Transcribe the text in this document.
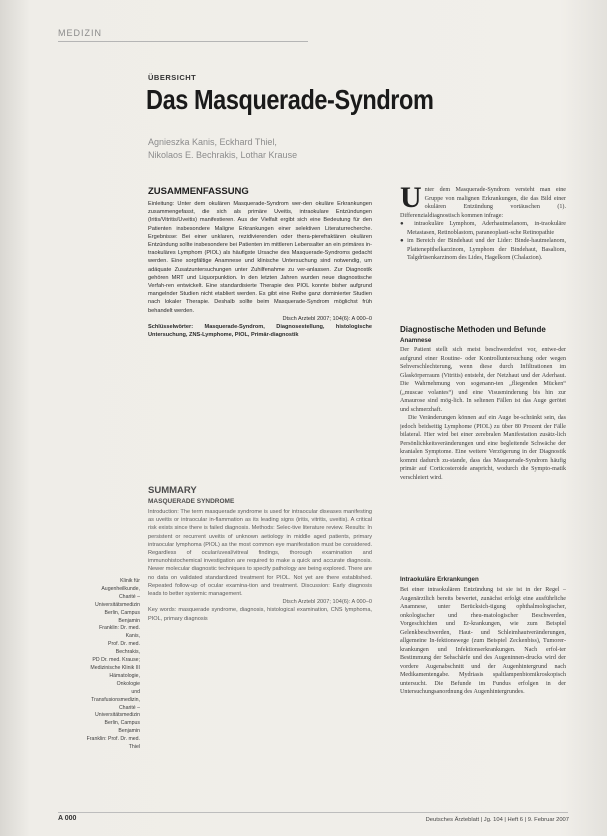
MEDIZIN
ÜBERSICHT
Das Masquerade-Syndrom
Agnieszka Kanis, Eckhard Thiel,
Nikolaos E. Bechrakis, Lothar Krause
ZUSAMMENFASSUNG

Einleitung: Unter dem okulären Masquerade-Syndrom wer-den okuläre Erkrankungen zusammengefasst, die sich als primäre Uveitis, intraokulare Entzündungen (Iritis/Vitritis/Uveitis) manifestieren. Aus der Vielfalt ergibt sich eine Bedeutung für den Patienten insbesondere Maligne Erkrankungen einer selektiven Literaturrecherche. Ergebnisse: Bei einer unklaren, rezidivierenden oder thera-pierefraktären okulären Entzündung sollte insbesondere bei Patienten im mittleren Lebensalter an ein primäres in-traokuläres Lymphom (PIOL) als häufigste Ursache des Masquerade-Syndroms gedacht werden. Eine sorgfältige Anamnese und klinische Untersuchung sind notwendig, um adäquate Zusatzuntersuchungen unter Zuhilfenahme zu ver-anlassen. Zur Diagnostik gehören MRT und Liquorpunktion. In den letzten Jahren wurden neue diagnostische Verfah-ren entwickelt. Eine standardisierte Therapie des PIOL konnte bisher aufgrund mangelnder Studien nicht etabliert werden. Es gibt eine Reihe ganz dominierter Studien nach lokaler Therapie. Deshalb sollte beim Masquerade-Syndrom möglichst früh behandelt werden.

Dtsch Arztebl 2007; 104(6): A 000–0

Schlüsselwörter: Masquerade-Syndrom, Diagnosestellung, histologische Untersuchung, ZNS-Lymphome, PIOL, Primär-diagnostik

SUMMARY
MASQUERADE SYNDROME

Introduction: The term masquerade syndrome is used for intraocular diseases manifesting as uveitis or intraocular in-flammation as its leading signs (iritis, vitritis, uveitis). A critical risk exists since there is failed diagnosis. Methods: Selec-tive literature review. Results: In persistent or recurrent uveitis of unknown aetiology in middle aged patients, primary intraocular lymphoma (PIOL) as the most common eye manifestation must be considered. Regardless of ocular/uveal/vitreal findings, thorough examination and immunohistochemical investigation are required to make a quick and accurate diagnosis. Newer molecular diagnostic techniques to specify pathology are being explored. There are no data on validated standardized treatment for PIOL. Not yet are there established. Repeated follow-up of ocular examina-tion and treatment. Discussion: Early diagnosis leads to better systemic management.

Dtsch Arztebl 2007; 104(6): A 000–0

Key words: masquerade syndrome, diagnosis, histological examination, CNS lymphoma, PIOL, primary diagnosis

Klinik für Augenheilkunde,
Charité – Universitätsmedizin
Berlin, Campus Benjamin
Franklin: Dr. med. Kanis,
Prof. Dr. med. Bechrakis,
PD Dr. med. Krause;
Medizinische Klinik III
Hämatologie, Onkologie
und Transfusionsmedizin,
Charité – Universitätsmedizin
Berlin, Campus Benjamin
Franklin: Prof. Dr. med. Thiel
U nter dem Masquerade-Syndrom versteht man eine Gruppe von malignen Erkrankungen, die das Bild einer okulären Entzündung vortäuschen (1). Differenzialdiagnostisch kommen infrage:

● intraokuläre Lymphom, Aderhautmelanom, in-traokuläre Metastasen, Retinoblastom, paraneoplasti-sche Retinopathie

● im Bereich der Bindehaut und der Lider: Binde-hautmelanom, Plattenepithelkarzinom, Lymphom der Bindehaut, Basaliom, Talgdrüsenkarzinom des Lides, Hagelkorn (Chalazion).

Diagnostische Methoden und Befunde
Anamnese

Der Patient stellt sich meist beschwerdefrei vor, entwe-der aufgrund einer Routine- oder Kontrolluntersuchung oder wegen Sehverschlechterung, wenn diese durch Infiltrationen im Glaskörperraum (Vitritis) entsteht, der Netzhaut und der Aderhaut. Die Wahrnehmung von sogenann-ten „fliegenden Mücken“ („muscae volantes“) und eine Visusminderung bis hin zur Amaurose sind mög-lich. In seltenen Fällen ist das Auge gerötet und schmerzhaft.

Die Veränderungen können auf ein Auge be-schränkt sein, das jedoch beidseitig Lymphome (PIOL) zu über 80 Prozent der Fälle bilateral. Hier wird bei einer zerebralen Manifestation zusätz-lich Persönlichkeitsveränderungen und eine begleitende Schwäche der kranialen Symptome. Eine weitere Verzögerung in der Diagnostik kommt dadurch zu-stande, dass das Masquerade-Syndrom häufig primär auf Corticosteroide anspricht, wodurch die Sympto-matik verschleiert wird.

Intraokuläre Erkrankungen

Bei einer intraokulären Entzündung ist sie ist in der Regel – Augenärztlich bereits bewertet, zunächst erfolgt eine ausführliche Anamnese, unter Berücksich-tigung ophthalmologischer, onkologischer und rheu-matologischer Beschwerden, Vorgeschichten und Er-krankungen, wie zum Beispiel Gelenkbeschwerden, Haut- und Schleimhautveränderungen, allgemeine In-fektionswege (zum Beispiel Zeckenbiss), Tumorer-krankungen und Infektionserkrankungen. Nach erfol-ter Bestimmung der Sehschärfe und des Augeninnen-drucks wird der vordere Augenabschnitt und der Augenhintergrund nach Medikamentengabe. Mydriasis spaltlampenbiomikroskopisch untersucht. Die Befunde im Fundus erfolgen in der Untersuchungsanordnung des Augenhintergrundes.

A 000	Deutsches Ärzteblatt | Jg. 104 | Heft 6 | 9. Februar 2007
